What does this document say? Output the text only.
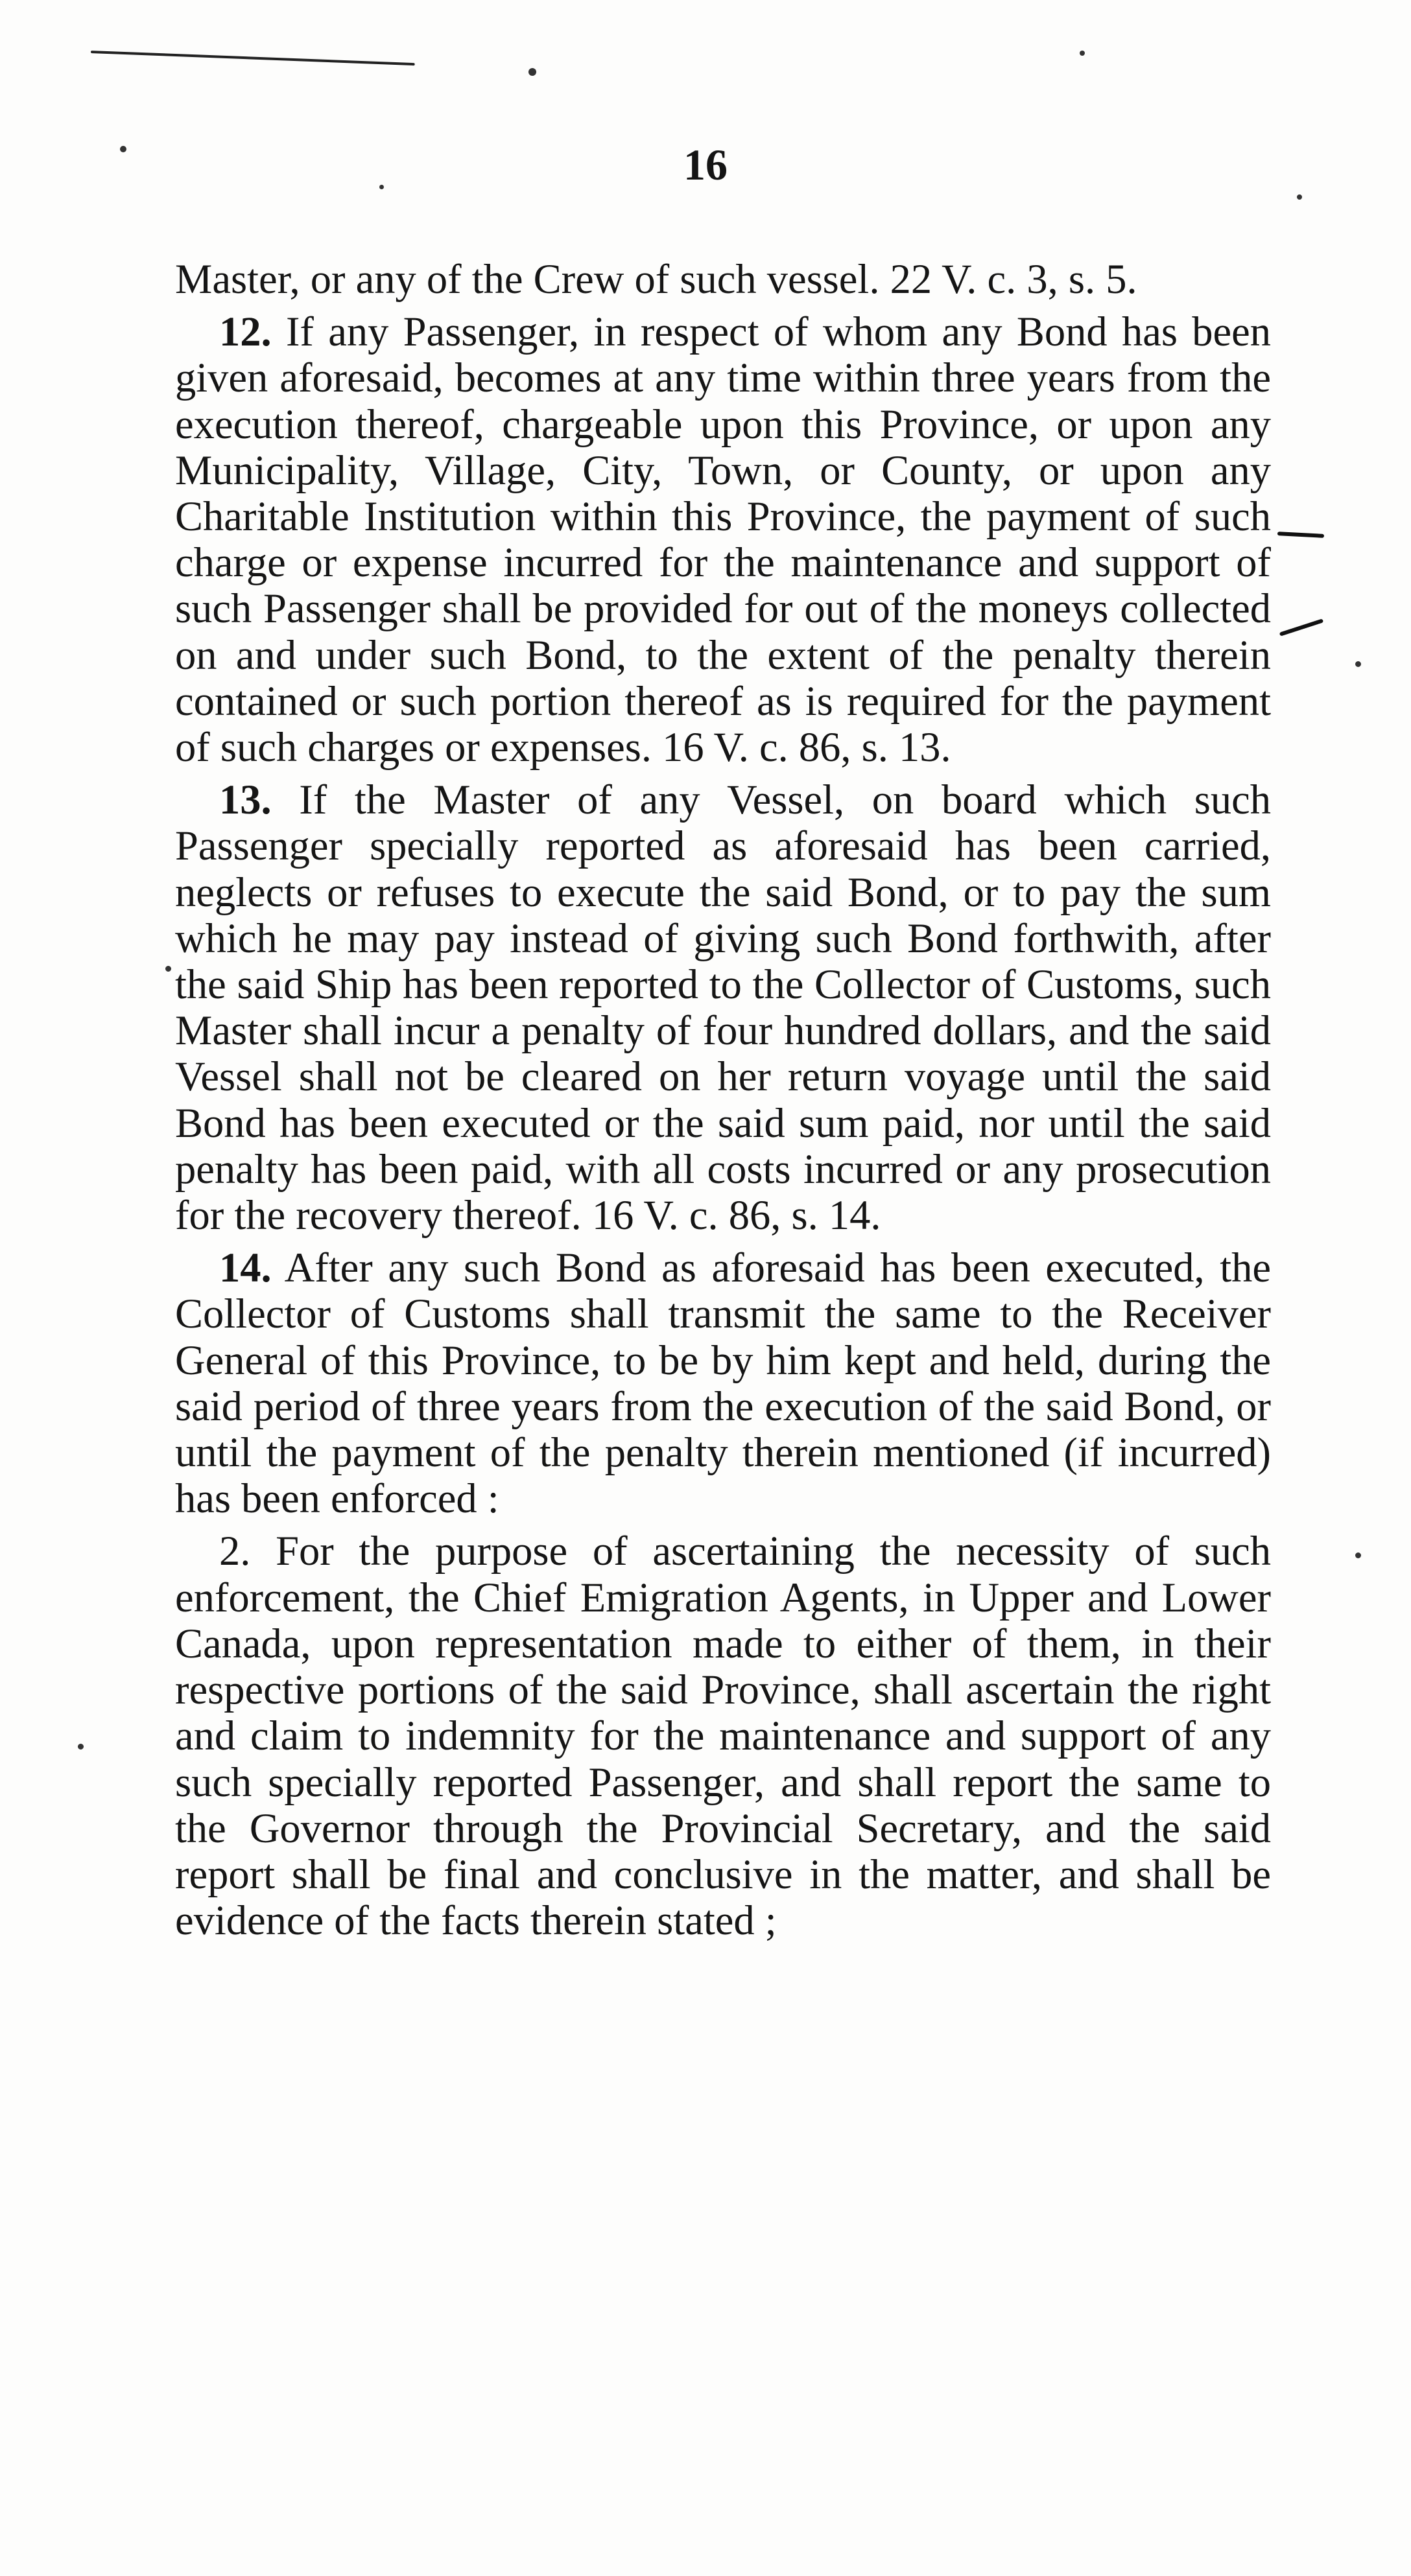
16

Master, or any of the Crew of such vessel. 22 V. c. 3, s. 5.

12. If any Passenger, in respect of whom any Bond has been given aforesaid, becomes at any time within three years from the execution thereof, chargeable upon this Province, or upon any Municipality, Village, City, Town, or County, or upon any Charitable Institution within this Province, the payment of such charge or expense incurred for the maintenance and support of such Passenger shall be provided for out of the moneys collected on and under such Bond, to the extent of the penalty therein contained or such portion thereof as is required for the payment of such charges or expenses. 16 V. c. 86, s. 13.

13. If the Master of any Vessel, on board which such Passenger specially reported as aforesaid has been carried, neglects or refuses to execute the said Bond, or to pay the sum which he may pay instead of giving such Bond forthwith, after the said Ship has been reported to the Collector of Customs, such Master shall incur a penalty of four hundred dollars, and the said Vessel shall not be cleared on her return voyage until the said Bond has been executed or the said sum paid, nor until the said penalty has been paid, with all costs incurred or any prosecution for the recovery thereof. 16 V. c. 86, s. 14.

14. After any such Bond as aforesaid has been executed, the Collector of Customs shall transmit the same to the Receiver General of this Province, to be by him kept and held, during the said period of three years from the execution of the said Bond, or until the payment of the penalty therein mentioned (if incurred) has been enforced :

2. For the purpose of ascertaining the necessity of such enforcement, the Chief Emigration Agents, in Upper and Lower Canada, upon representation made to either of them, in their respective portions of the said Province, shall ascertain the right and claim to indemnity for the maintenance and support of any such specially reported Passenger, and shall report the same to the Governor through the Provincial Secretary, and the said report shall be final and conclusive in the matter, and shall be evidence of the facts therein stated ;
